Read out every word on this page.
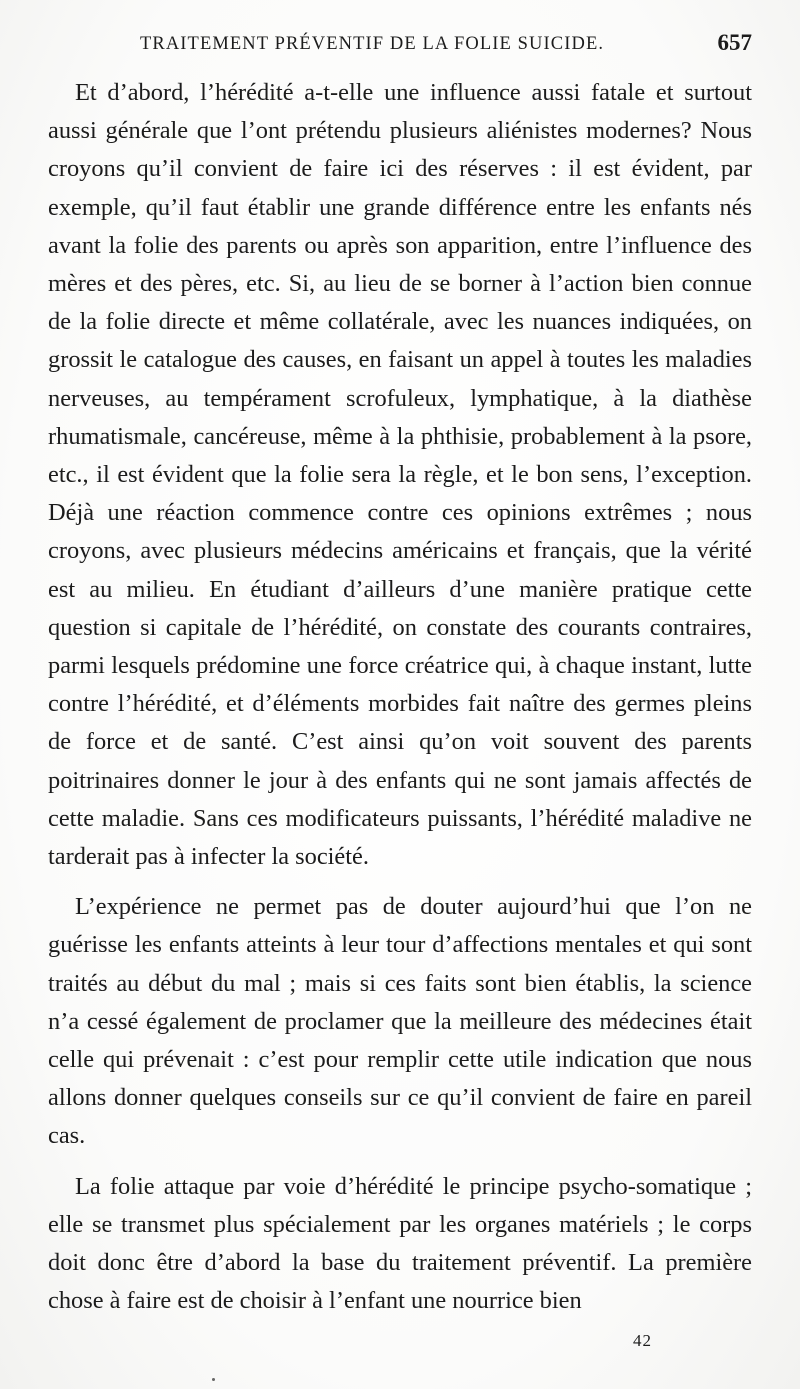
TRAITEMENT PRÉVENTIF DE LA FOLIE SUICIDE.	657

Et d’abord, l’hérédité a-t-elle une influence aussi fatale et surtout aussi générale que l’ont prétendu plusieurs aliénistes modernes? Nous croyons qu’il convient de faire ici des réserves : il est évident, par exemple, qu’il faut établir une grande différence entre les enfants nés avant la folie des parents ou après son apparition, entre l’influence des mères et des pères, etc. Si, au lieu de se borner à l’action bien connue de la folie directe et même collatérale, avec les nuances indiquées, on grossit le catalogue des causes, en faisant un appel à toutes les maladies nerveuses, au tempérament scrofuleux, lymphatique, à la diathèse rhumatismale, cancéreuse, même à la phthisie, probablement à la psore, etc., il est évident que la folie sera la règle, et le bon sens, l’exception. Déjà une réaction commence contre ces opinions extrêmes ; nous croyons, avec plusieurs médecins américains et français, que la vérité est au milieu. En étudiant d’ailleurs d’une manière pratique cette question si capitale de l’hérédité, on constate des courants contraires, parmi lesquels prédomine une force créatrice qui, à chaque instant, lutte contre l’hérédité, et d’éléments morbides fait naître des germes pleins de force et de santé. C’est ainsi qu’on voit souvent des parents poitrinaires donner le jour à des enfants qui ne sont jamais affectés de cette maladie. Sans ces modificateurs puissants, l’hérédité maladive ne tarderait pas à infecter la société.

L’expérience ne permet pas de douter aujourd’hui que l’on ne guérisse les enfants atteints à leur tour d’affections mentales et qui sont traités au début du mal ; mais si ces faits sont bien établis, la science n’a cessé également de proclamer que la meilleure des médecines était celle qui prévenait : c’est pour remplir cette utile indication que nous allons donner quelques conseils sur ce qu’il convient de faire en pareil cas.

La folie attaque par voie d’hérédité le principe psycho-somatique ; elle se transmet plus spécialement par les organes matériels ; le corps doit donc être d’abord la base du traitement préventif. La première chose à faire est de choisir à l’enfant une nourrice bien

42
